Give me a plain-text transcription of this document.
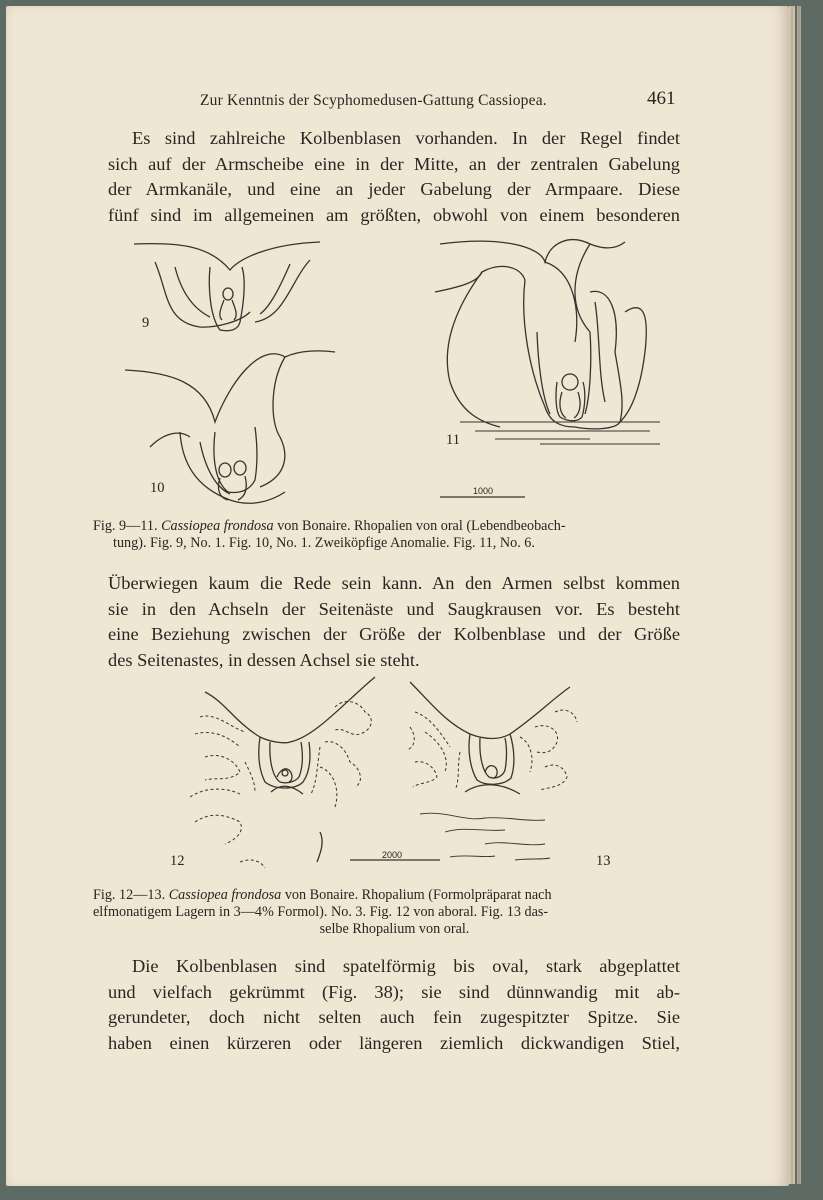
Zur Kenntnis der Scyphomedusen-Gattung Cassiopea.	461

Es sind zahlreiche Kolbenblasen vorhanden. In der Regel findet
sich auf der Armscheibe eine in der Mitte, an der zentralen Gabelung
der Armkanäle, und eine an jeder Gabelung der Armpaare. Diese
fünf sind im allgemeinen am größten, obwohl von einem besonderen

9
10
11
1000

Fig. 9—11. Cassiopea frondosa von Bonaire. Rhopalien von oral (Lebendbeobach-
tung). Fig. 9, No. 1. Fig. 10, No. 1. Zweiköpfige Anomalie. Fig. 11, No. 6.

Überwiegen kaum die Rede sein kann. An den Armen selbst kommen
sie in den Achseln der Seitenäste und Saugkrausen vor. Es besteht
eine Beziehung zwischen der Größe der Kolbenblase und der Größe
des Seitenastes, in dessen Achsel sie steht.

12	13
2000

Fig. 12—13. Cassiopea frondosa von Bonaire. Rhopalium (Formolpräparat nach
elfmonatigem Lagern in 3—4% Formol). No. 3. Fig. 12 von aboral. Fig. 13 das-
selbe Rhopalium von oral.

Die Kolbenblasen sind spatelförmig bis oval, stark abgeplattet
und vielfach gekrümmt (Fig. 38); sie sind dünnwandig mit ab-
gerundeter, doch nicht selten auch fein zugespitzter Spitze. Sie
haben einen kürzeren oder längeren ziemlich dickwandigen Stiel,
